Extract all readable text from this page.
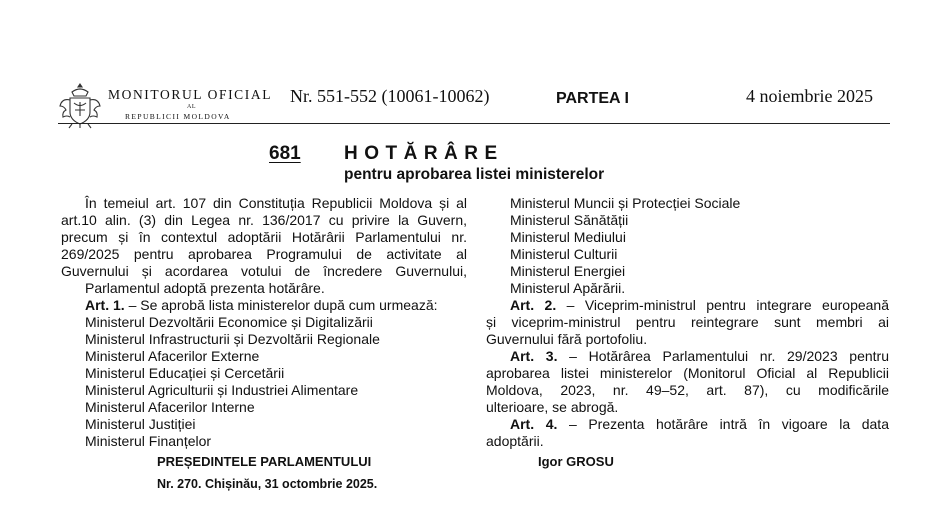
MONITORUL OFICIAL
AL
REPUBLICII MOLDOVA
Nr. 551-552 (10061-10062)	PARTEA I	4 noiembrie 2025
681 HOTĂRÂRE
pentru aprobarea listei ministerelor

În temeiul art. 107 din Constituția Republicii Moldova și al

art.10 alin. (3) din Legea nr. 136/2017 cu privire la Guvern,

precum și în contextul adoptării Hotărârii Parlamentului nr.

269/2025 pentru aprobarea Programului de activitate al

Guvernului și acordarea votului de încredere Guvernului,

Parlamentul adoptă prezenta hotărâre.

Art. 1. – Se aprobă lista ministerelor după cum urmează:

Ministerul Dezvoltării Economice și Digitalizării

Ministerul Infrastructurii și Dezvoltării Regionale

Ministerul Afacerilor Externe

Ministerul Educației și Cercetării

Ministerul Agriculturii și Industriei Alimentare

Ministerul Afacerilor Interne

Ministerul Justiției

Ministerul Finanțelor

Ministerul Muncii și Protecției Sociale

Ministerul Sănătății

Ministerul Mediului

Ministerul Culturii

Ministerul Energiei

Ministerul Apărării.

Art. 2. – Viceprim-ministrul pentru integrare europeană

și viceprim-ministrul pentru reintegrare sunt membri ai

Guvernului fără portofoliu.

Art. 3. – Hotărârea Parlamentului nr. 29/2023 pentru

aprobarea listei ministerelor (Monitorul Oficial al Republicii

Moldova, 2023, nr. 49–52, art. 87), cu modificările

ulterioare, se abrogă.

Art. 4. – Prezenta hotărâre intră în vigoare la data

adoptării.

PREȘEDINTELE PARLAMENTULUI	Igor GROSU
Nr. 270. Chișinău, 31 octombrie 2025.
